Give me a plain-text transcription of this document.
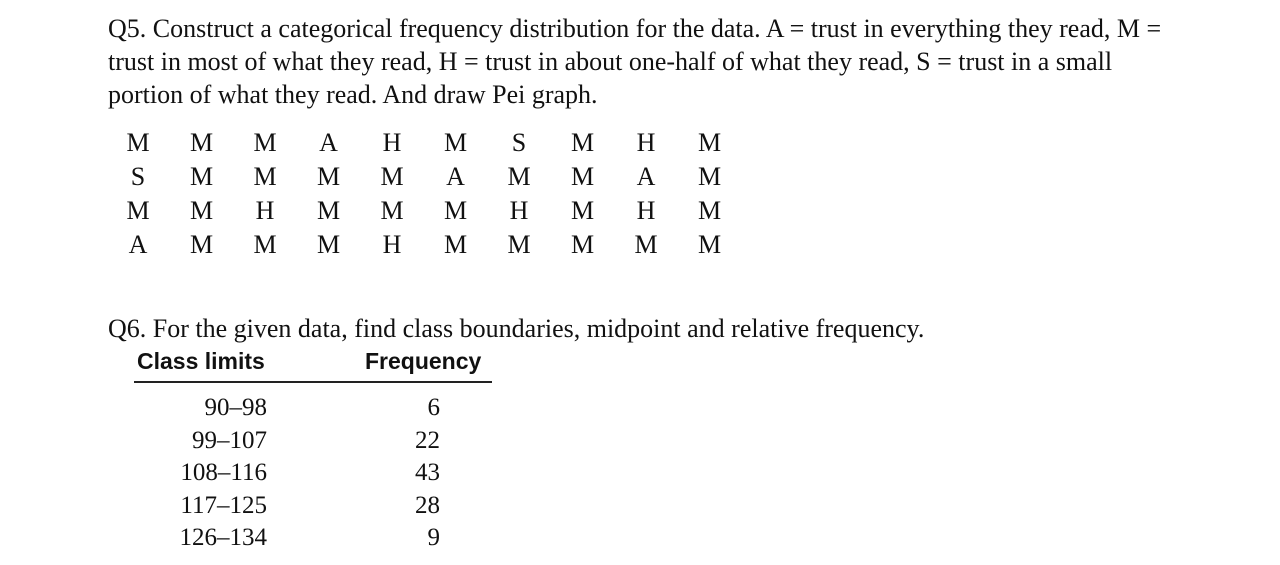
Q5. Construct a categorical frequency distribution for the data. A = trust in everything they read, M =
trust in most of what they read, H = trust in about one-half of what they read, S = trust in a small
portion of what they read. And draw Pei graph.
M	M	M	A	H	M	S	M	H	M
S	M	M	M	M	A	M	M	A	M
M	M	H	M	M	M	H	M	H	M
A	M	M	M	H	M	M	M	M	M
Q6. For the given data, find class boundaries, midpoint and relative frequency.
Class limits	Frequency
90–98	6
99–107	22
108–116	43
117–125	28
126–134	9
